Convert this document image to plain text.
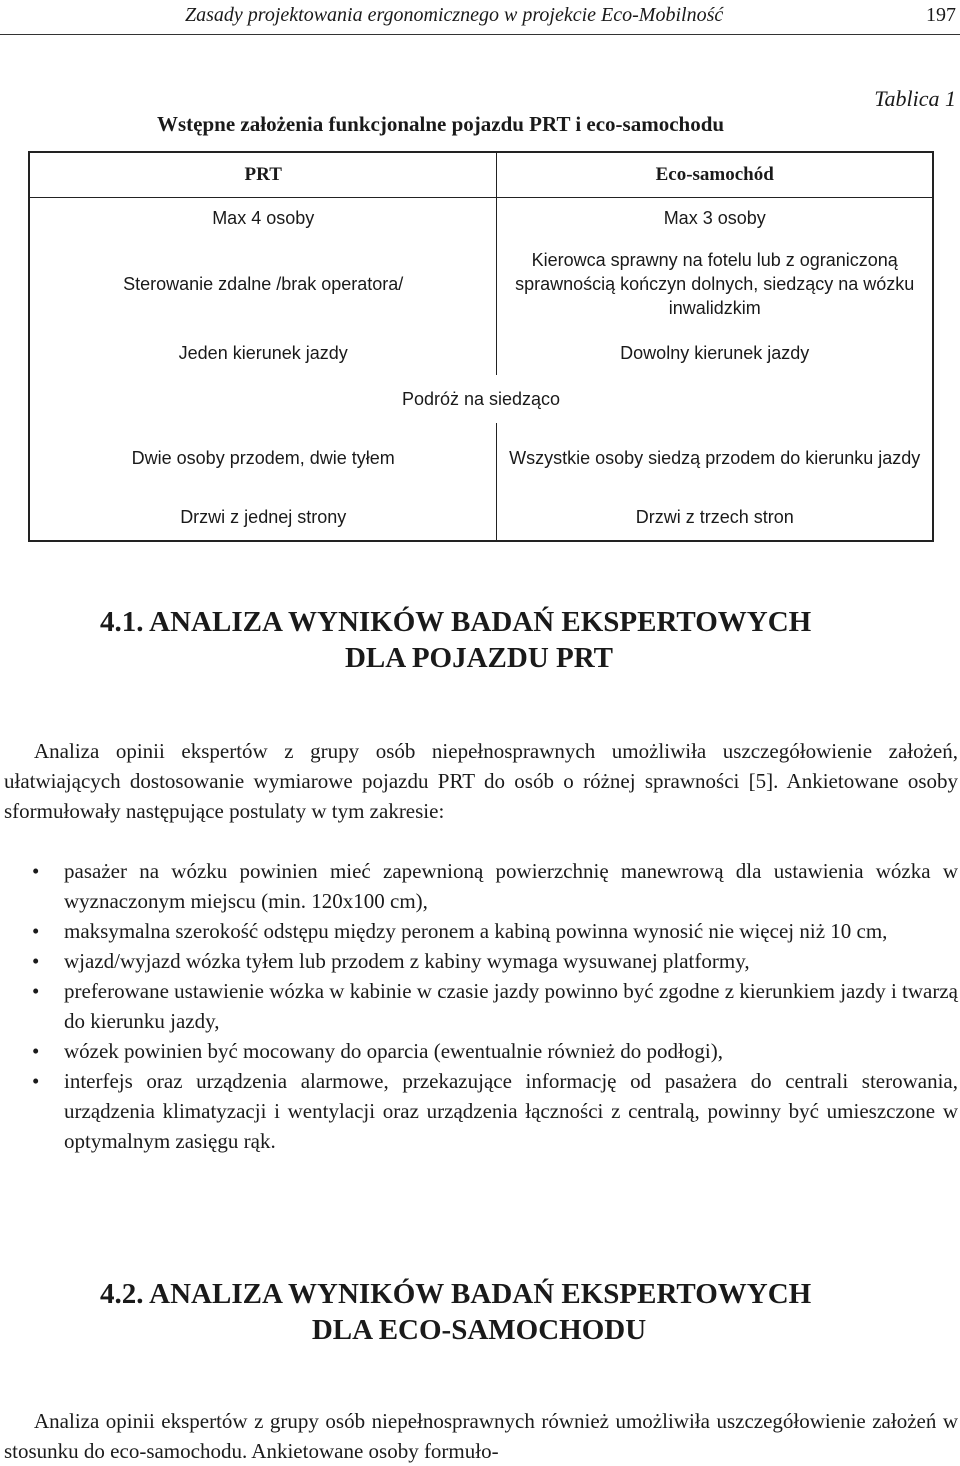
Zasady projektowania ergonomicznego w projekcie Eco-Mobilność	197
Tablica 1
Wstępne założenia funkcjonalne pojazdu PRT i eco-samochodu
PRT	Eco-samochód
Max 4 osoby	Max 3 osoby
Sterowanie zdalne /brak operatora/	Kierowca sprawny na fotelu lub z ograniczoną sprawnością kończyn dolnych, siedzący na wózku inwalidzkim
Jeden kierunek jazdy	Dowolny kierunek jazdy
Podróż na siedząco	
Dwie osoby przodem, dwie tyłem	Wszystkie osoby siedzą przodem do kierunku jazdy
Drzwi z jednej strony	Drzwi z trzech stron
4.1. ANALIZA WYNIKÓW BADAŃ EKSPERTOWYCH
DLA POJAZDU PRT

Analiza opinii ekspertów z grupy osób niepełnosprawnych umożliwiła uszczegółowienie założeń, ułatwiających dostosowanie wymiarowe pojazdu PRT do osób o różnej sprawności [5]. Ankietowane osoby sformułowały następujące postulaty w tym zakresie:

• pasażer na wózku powinien mieć zapewnioną powierzchnię manewrową dla ustawienia wózka w wyznaczonym miejscu (min. 120x100 cm),
• maksymalna szerokość odstępu między peronem a kabiną powinna wynosić nie więcej niż 10 cm,
• wjazd/wyjazd wózka tyłem lub przodem z kabiny wymaga wysuwanej platformy,
• preferowane ustawienie wózka w kabinie w czasie jazdy powinno być zgodne z kierunkiem jazdy i twarzą do kierunku jazdy,
• wózek powinien być mocowany do oparcia (ewentualnie również do podłogi),
• interfejs oraz urządzenia alarmowe, przekazujące informację od pasażera do centrali sterowania, urządzenia klimatyzacji i wentylacji oraz urządzenia łączności z centralą, powinny być umieszczone w optymalnym zasięgu rąk.
4.2. ANALIZA WYNIKÓW BADAŃ EKSPERTOWYCH
DLA ECO-SAMOCHODU

Analiza opinii ekspertów z grupy osób niepełnosprawnych również umożliwiła uszczegółowienie założeń w stosunku do eco-samochodu. Ankietowane osoby formuło-
